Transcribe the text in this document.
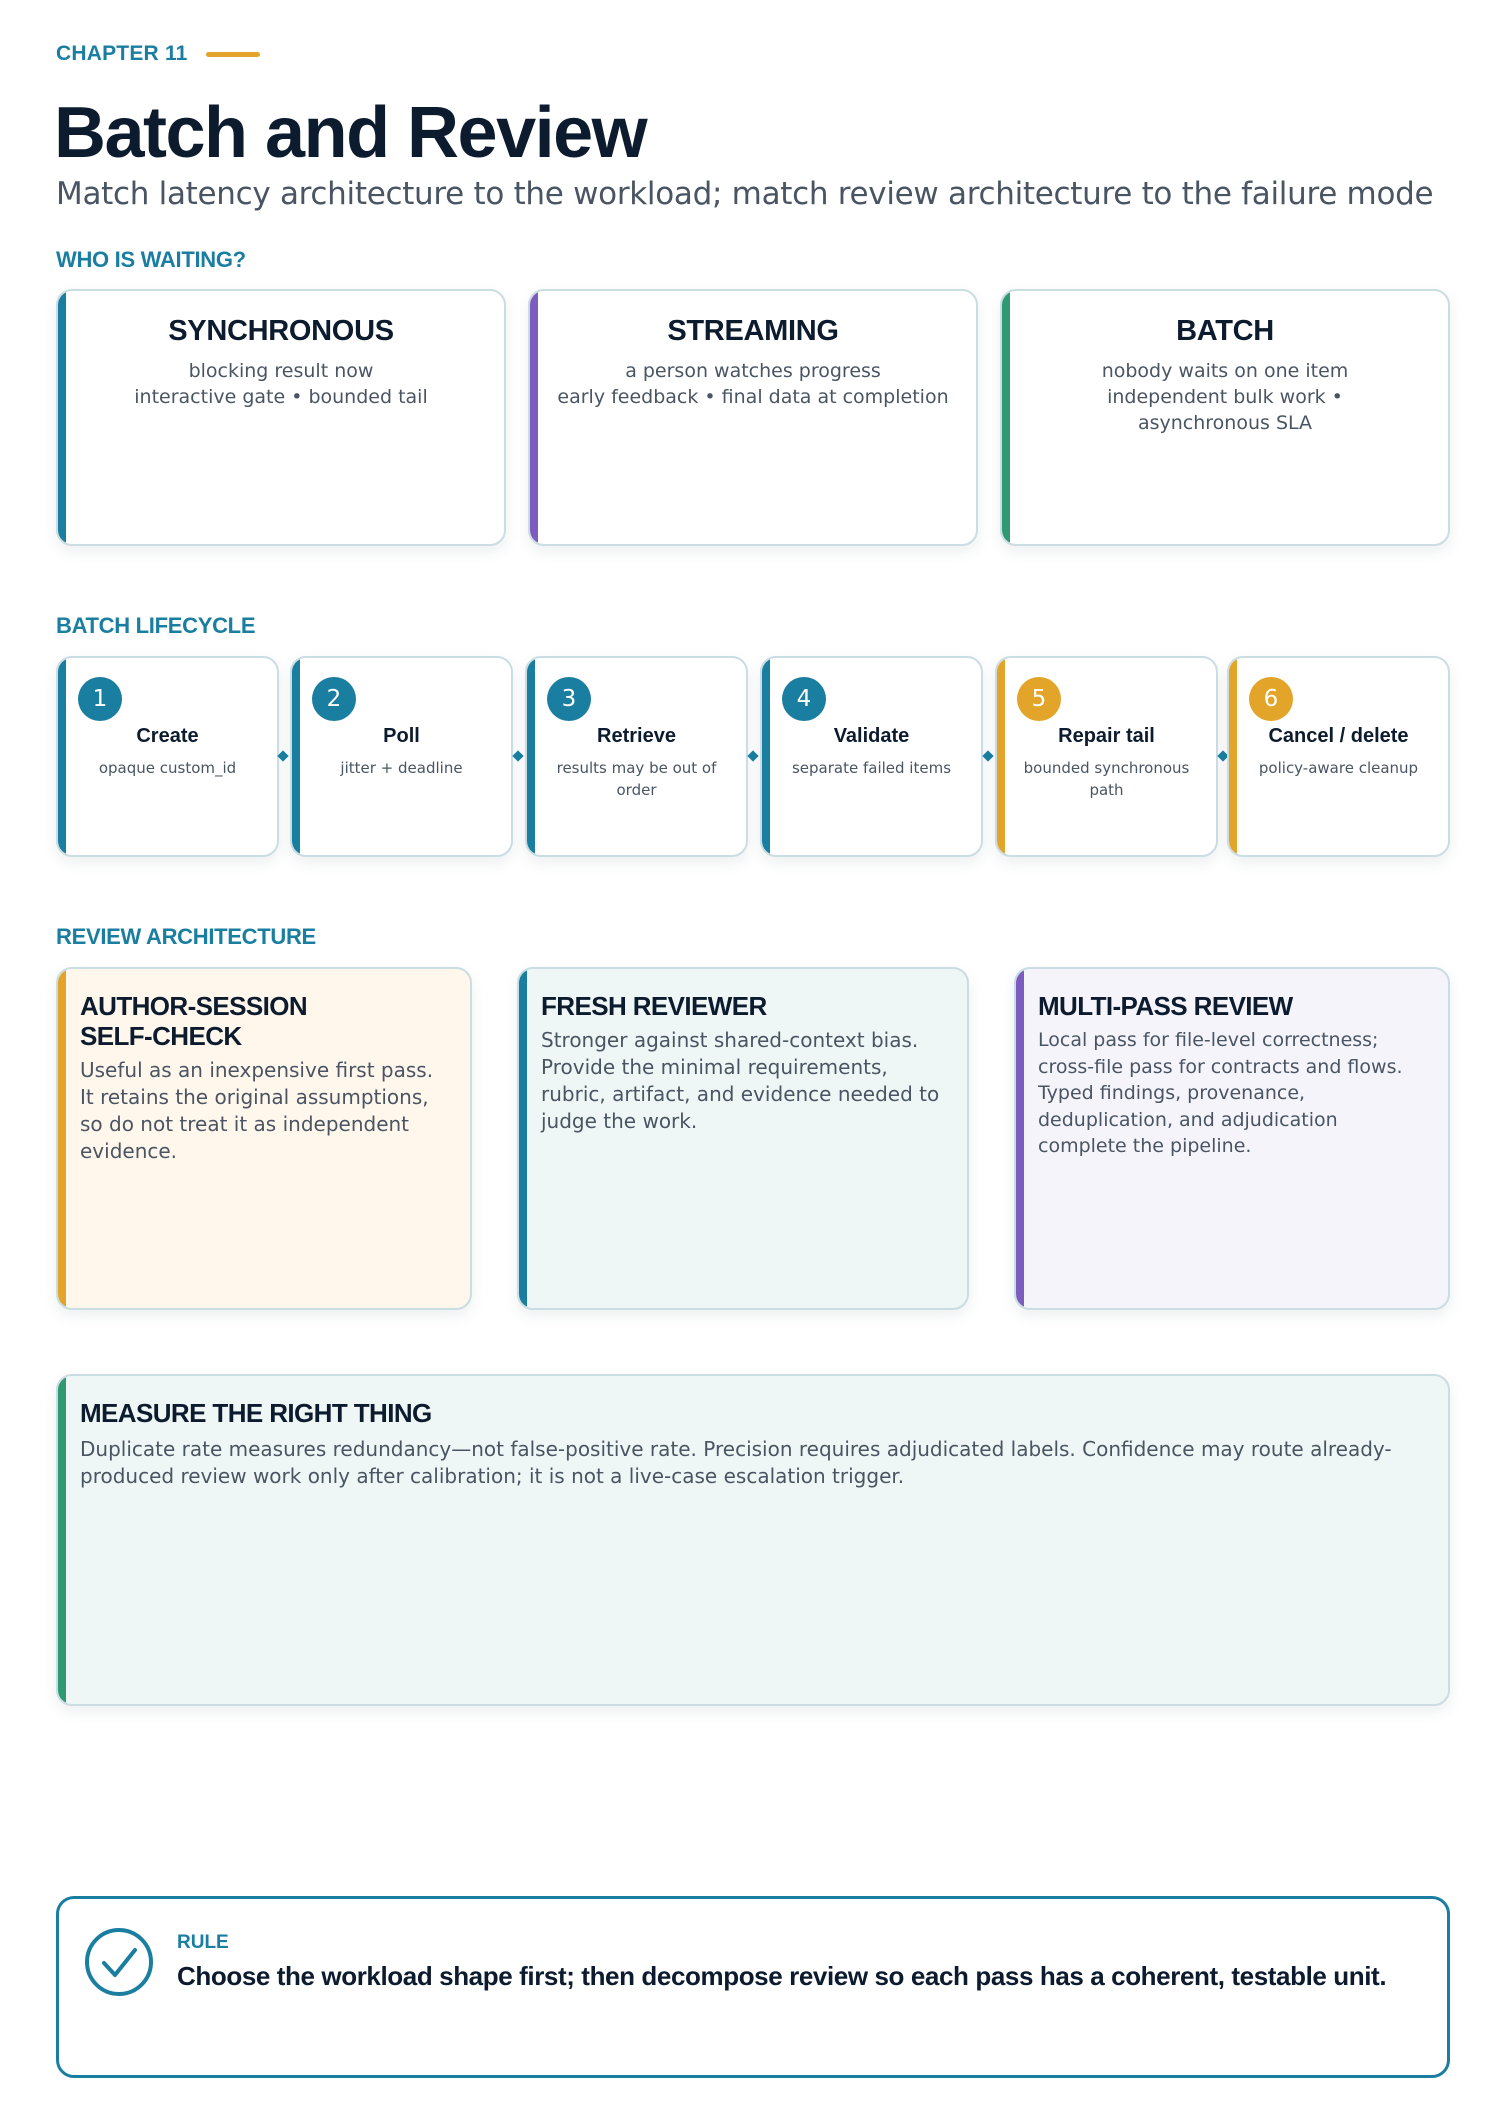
CHAPTER 11
Batch and Review
Match latency architecture to the workload; match review architecture to the failure mode
WHO IS WAITING?
SYNCHRONOUS
blocking result now
interactive gate • bounded tail
STREAMING
a person watches progress
early feedback • final data at completion
BATCH
nobody waits on one item
independent bulk work • asynchronous SLA
BATCH LIFECYCLE
1
Create
opaque custom_id
2
Poll
jitter + deadline
3
Retrieve
results may be out of order
4
Validate
separate failed items
5
Repair tail
bounded synchronous path
6
Cancel / delete
policy-aware cleanup
REVIEW ARCHITECTURE
AUTHOR-SESSION SELF-CHECK
Useful as an inexpensive first pass. It retains the original assumptions, so do not treat it as independent evidence.
FRESH REVIEWER
Stronger against shared-context bias. Provide the minimal requirements, rubric, artifact, and evidence needed to judge the work.
MULTI-PASS REVIEW
Local pass for file-level correctness; cross-file pass for contracts and flows. Typed findings, provenance, deduplication, and adjudication complete the pipeline.
MEASURE THE RIGHT THING
Duplicate rate measures redundancy—not false-positive rate. Precision requires adjudicated labels. Confidence may route already-produced review work only after calibration; it is not a live-case escalation trigger.
RULE
Choose the workload shape first; then decompose review so each pass has a coherent, testable unit.
